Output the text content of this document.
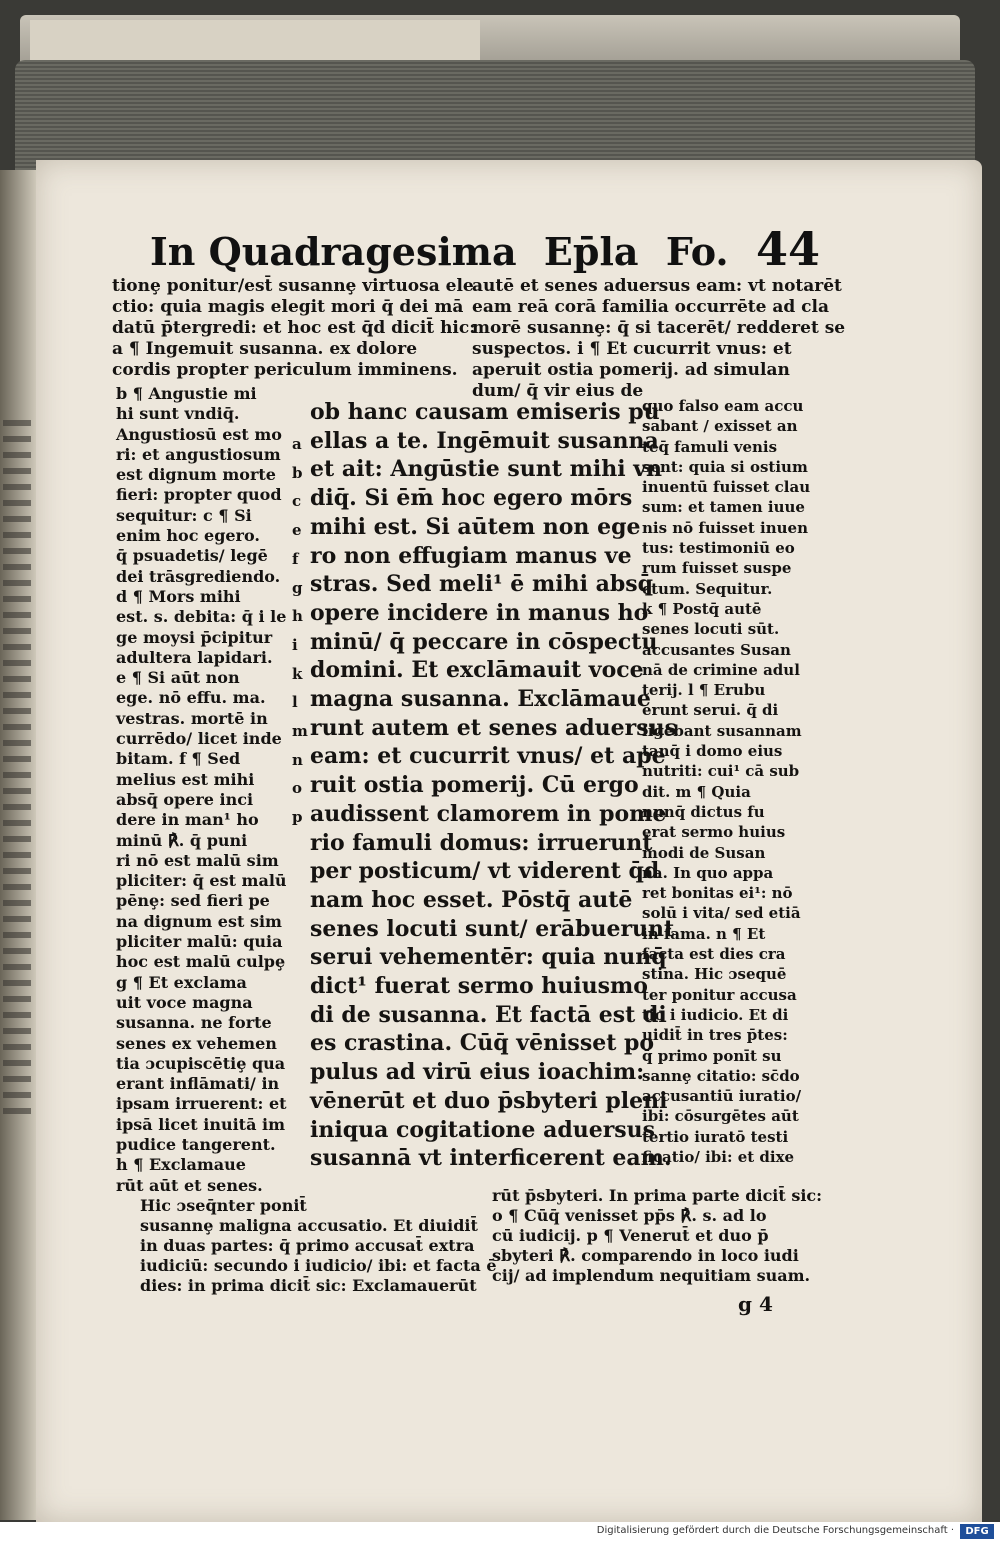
In Quadragesima Ep̄la Fo. 44
tionȩ ponitur/est̄ susannȩ virtuosa ele
ctio: quia magis elegit mori q̄ dei mā
datū p̄tergredi: et hoc est q̄d dicit̄ hic:
a ¶ Ingemuit susanna. ex dolore
cordis propter periculum imminens.
autē et senes aduersus eam: vt notarēt
eam reā corā familia occurrēte ad cla
morē susannȩ: q̄ si tacerēt/ redderet se
suspectos. i ¶ Et cucurrit vnus: et
aperuit ostia pomerij. ad simulan
dum/ q̄ vir eius de
b ¶ Angustie mi
hi sunt vndiq̄.
Angustiosū est mo
ri: et angustiosum
est dignum morte
fieri: propter quod
sequitur: c ¶ Si
enim hoc egero.
q̄ psuadetis/ legē
dei trāsgrediendo.
d ¶ Mors mihi
est. s. debita: q̄ i le
ge moysi p̄cipitur
adultera lapidari.
e ¶ Si aūt non
ege. nō effu. ma.
vestras. mortē in
currēdo/ licet inde
bitam. f ¶ Sed
melius est mihi
absq̄ opere inci
dere in man¹ ho
minū ℟. q̄ puni
ri nō est malū sim
pliciter: q̄ est malū
pēnȩ: sed fieri pe
na dignum est sim
pliciter malū: quia
hoc est malū culpȩ
g ¶ Et exclama
uit voce magna
susanna. ne forte
senes ex vehemen
tia ɔcupiscētiȩ qua
erant inflāmati/ in
ipsam irruerent: et
ipsā licet inuitā im
pudice tangerent.
h ¶ Exclamaue
rūt aūt et senes.
ob hanc causam emiseris pu
ellas a te. Ingēmuit susanna
et ait: Angūstie sunt mihi vn
diq̄. Si ēm̄ hoc egero mōrs
mihi est. Si aūtem non ege
ro non effugiam manus ve
stras. Sed meli¹ ē mihi absq̄
opere incidere in manus ho
minū/ q̄ peccare in cōspectu
domini. Et exclāmauit voce
magna susanna. Exclāmaue
runt autem et senes aduersus
eam: et cucurrit vnus/ et ape
ruit ostia pomerij. Cū ergo
audissent clamorem in pome
rio famuli domus: irruerunt
per posticum/ vt viderent q̄d
nam hoc esset. Pōstq̄ autē
senes locuti sunt/ erābuerunt
serui vehementēr: quia nunq̄
dict¹ fuerat sermo huiusmo
di de susanna. Et factā est di
es crastina. Cūq̄ vēnisset po
pulus ad virū eius ioachim:
vēnerūt et duo p̄sbyteri pleni
iniqua cogitatione aduersus
susannā vt interficerent eam.
a
b
c
e
f
g
h
i
k
l
m
n
o
p
quo falso eam accu
sabant / exisset an
teq̄ famuli venis
sent: quia si ostium
inuentū fuisset clau
sum: et tamen iuue
nis nō fuisset inuen
tus: testimoniū eo
rum fuisset suspe
ctum. Sequitur.
k ¶ Postq̄ autē
senes locuti sūt.
accusantes Susan
nā de crimine adul
terij. l ¶ Erubu
erunt serui. q̄ di
ligebant susannam
tanq̄ i domo eius
nutriti: cui¹ cā sub
dit. m ¶ Quia
nunq̄ dictus fu
erat sermo huius
modi de Susan
na. In quo appa
ret bonitas ei¹: nō
solū i vita/ sed etiā
in fama. n ¶ Et
facta est dies cra
stina. Hic ɔsequē
ter ponitur accusa
tio i iudicio. Et di
uidit̄ in tres p̄tes:
q̄ primo ponīt su
sannȩ citatio: sc̄do
accusantiū iuratio/
ibi: cōsurgētes aūt
tertio iuratō testi
ficatio/ ibi: et dixe
Hic ɔseq̄nter ponit̄
susannȩ maligna accusatio. Et diuidit̄
in duas partes: q̄ primo accusat̄ extra
iudiciū: secundo i iudicio/ ibi: et facta ē
dies: in prima dicit̄ sic: Exclamauerūt
rūt p̄sbyteri. In prima parte dicit̄ sic:
o ¶ Cūq̄ venisset pp̄s ℟. s. ad lo
cū iudicij. p ¶ Venerut̄ et duo p̄
sbyteri ℟. comparendo in loco iudi
cij/ ad implendum nequitiam suam.
g 4
Digitalisierung gefördert durch die Deutsche Forschungsgemeinschaft ·	DFG
